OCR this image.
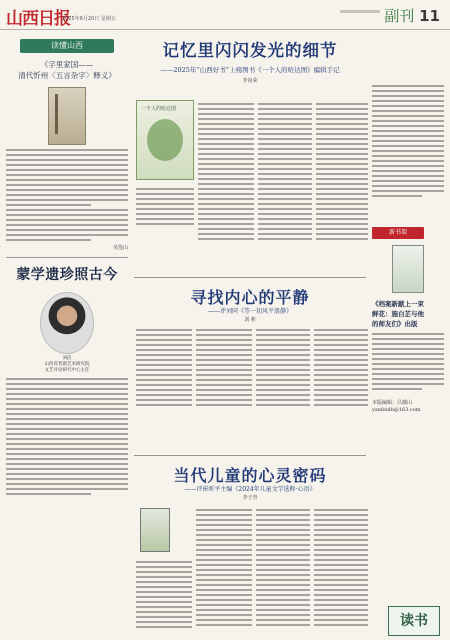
山西日报
2025年6月20日 星期五	副刊 11
读懂山西
《字里家国——
清代忻州〈五言杂字〉释义》
吴莲山
蒙学遗珍照古今
刘洁
山西省晋剧艺术研究院
文艺评论研究中心主任
记忆里闪闪发光的细节
——2025年“山西好书”上榜图书《一个人的哈达图》编辑手记
李向荣
一个人的哈达图
寻找内心的平静
——评刘同《等一切风平浪静》
刘 莉
当代儿童的心灵密码
——评崔昕平主编《2024年儿童文学选粹·心语》
李子青
新书架
《档案新献上一束
鲜花：施白芷与他
的师友们》出版
本版编辑：吕微山
yanfeidh@163.com
读书
